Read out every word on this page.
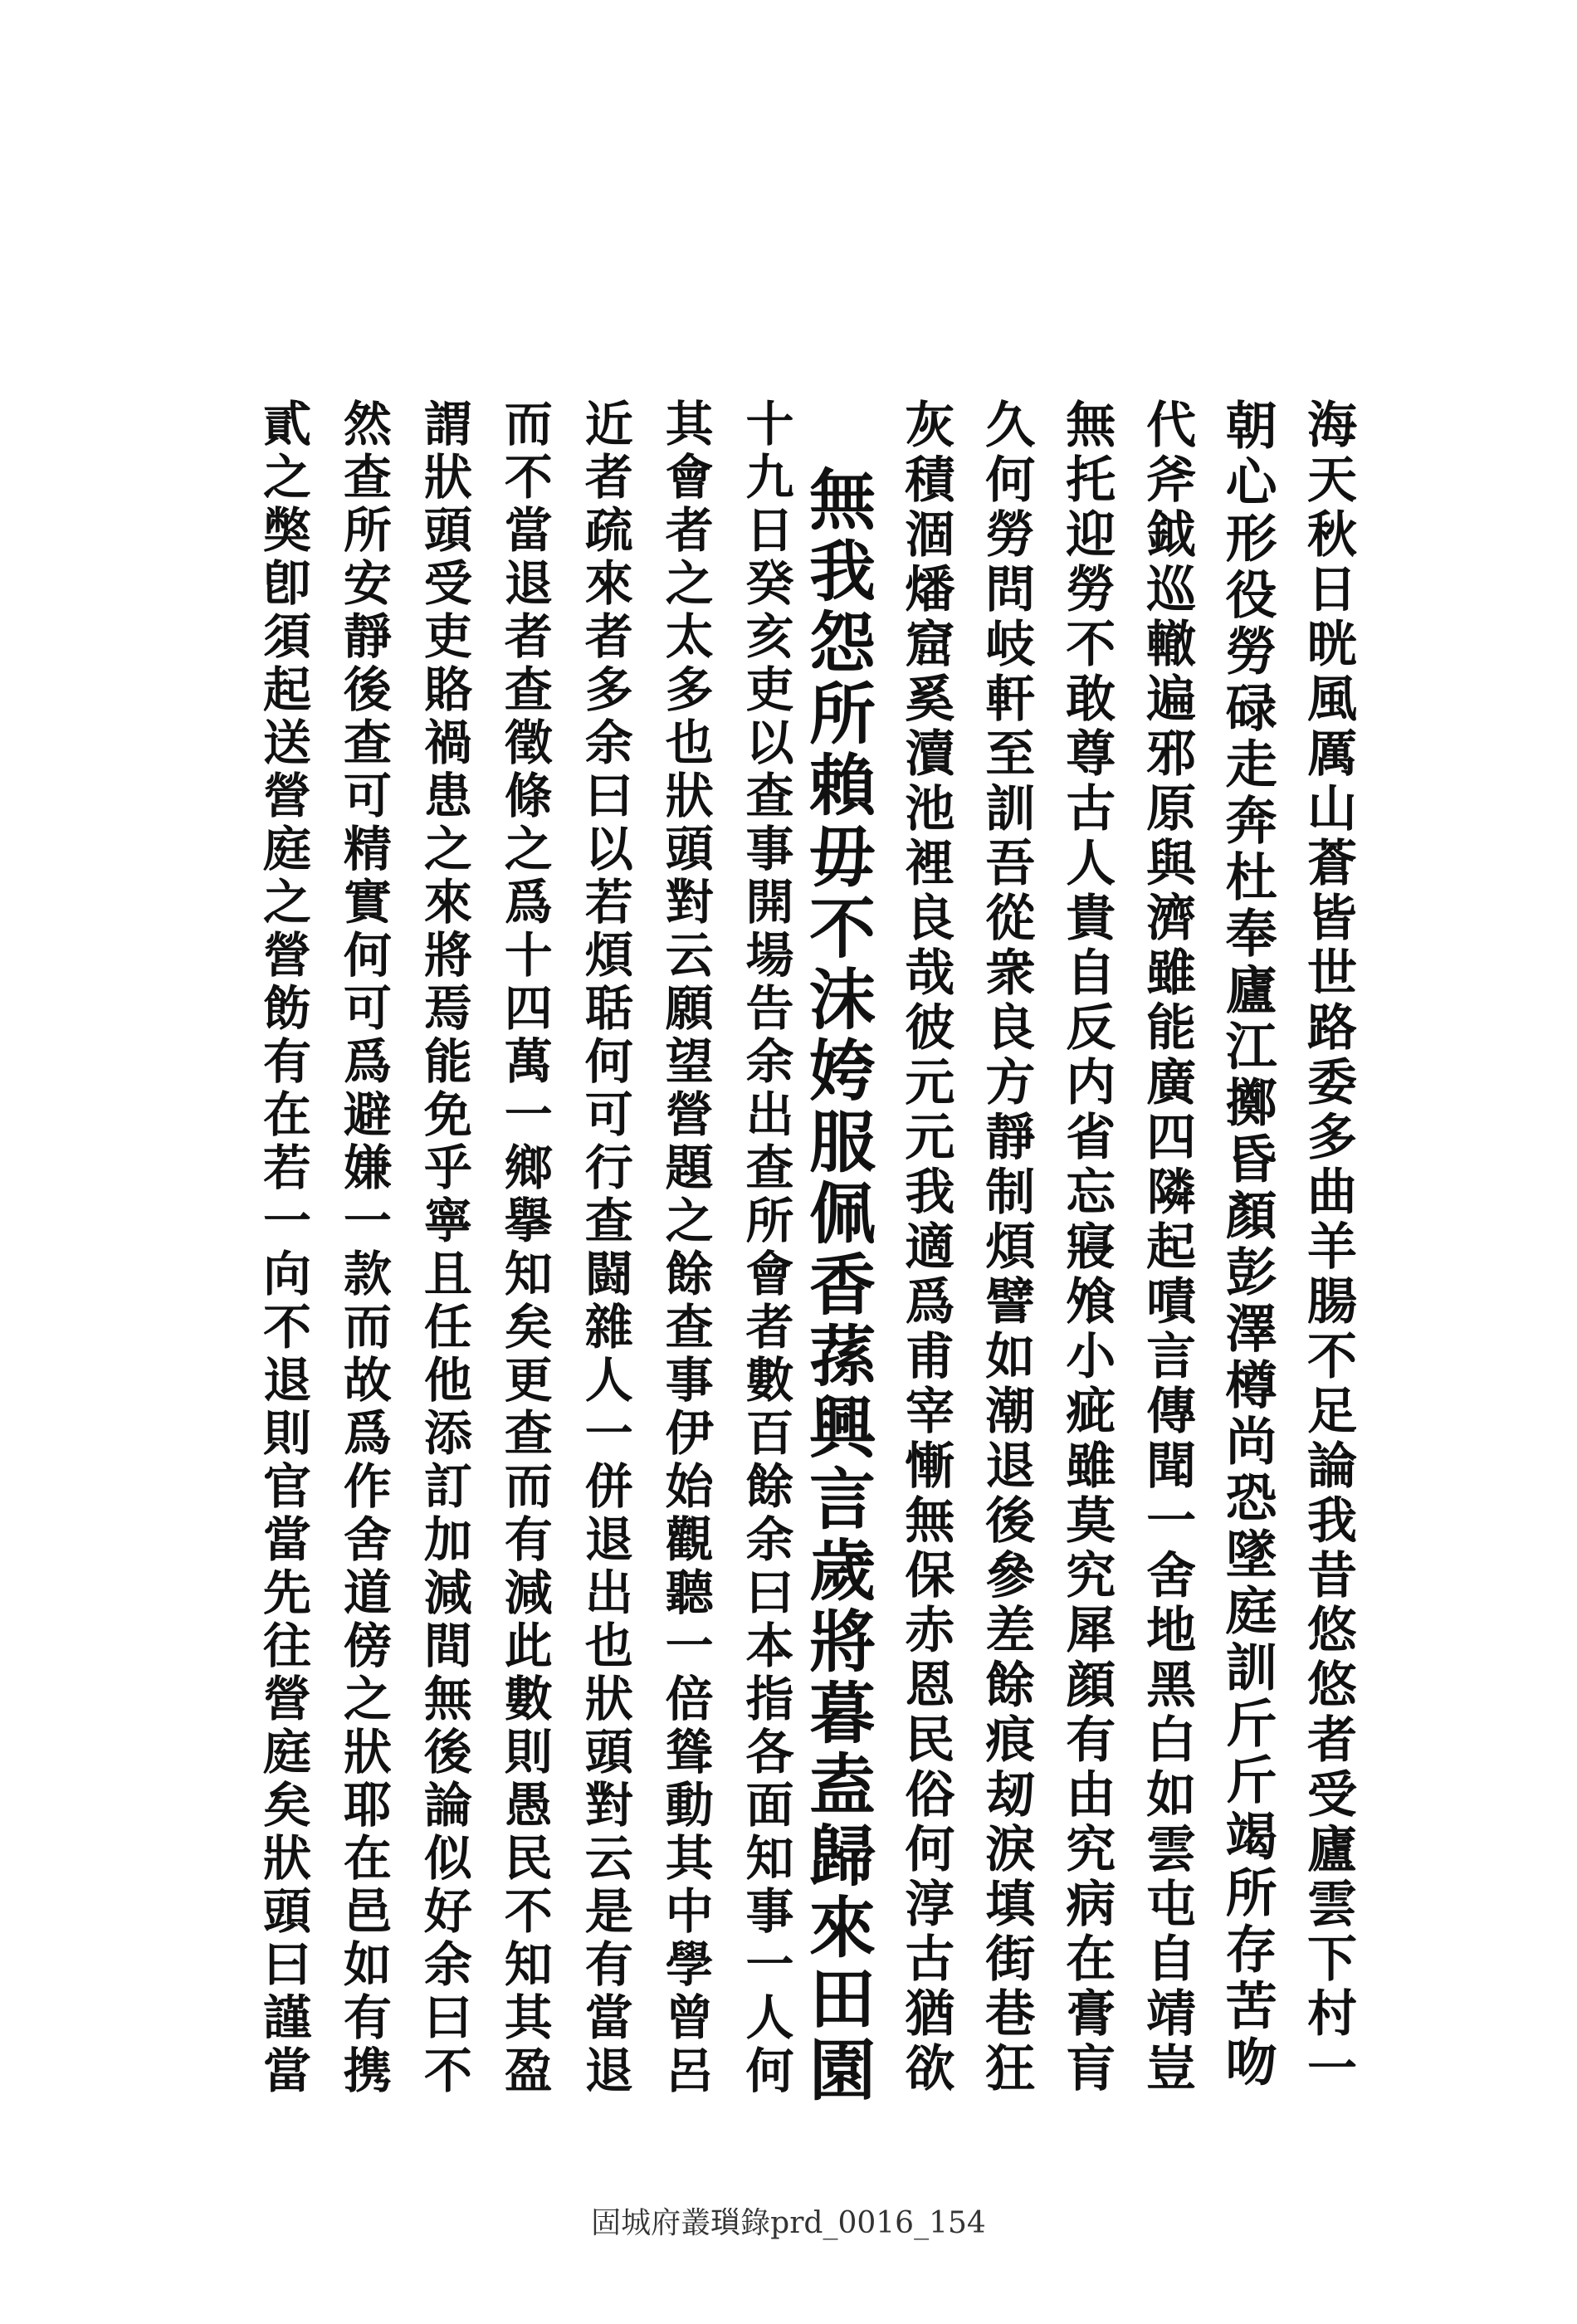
海天秋日晄風厲山蒼皆世路委多曲羊腸不足論我昔悠悠者受廬雲下村一
朝心形役勞碌走奔杜奉廬江擲昏顏彭澤樽尚恐墜庭訓斤斤竭所存苦吻
代斧鉞巡轍遍邪原與濟雖能廣四隣起嘖言傳聞一舍地黑白如雲屯自靖豈
無托迎勞不敢尊古人貴自反内省忘寢飧小疵雖莫究犀顔有由究病在膏肓
久何勞問岐軒至訓吾從衆良方靜制煩譬如潮退後參差餘痕刼淚填街巷狂
灰積涸燔窟奚瀆池裡良哉彼元元我適爲甫宰慚無保赤恩民俗何淳古猶欲
無我怨所賴毋不沫姱服佩香蓀興言歲將暮盍歸來田園
十九日癸亥吏以查事開場告余出查所會者數百餘余曰本指各面知事一人何
其會者之太多也狀頭對云願望營題之餘查事伊始觀聽一倍聳動其中學曾呂
近者疏來者多余曰以若煩聒何可行查闘雜人一併退出也狀頭對云是有當退
而不當退者查徵條之爲十四萬一鄉擧知矣更查而有減此數則愚民不知其盈
謂狀頭受吏賂禍患之來將焉能免乎寧且任他添訂加減間無後論似好余曰不
然查所安靜後查可精實何可爲避嫌一款而故爲作舍道傍之狀耶在邑如有携
貳之獘卽須起送營庭之營飭有在若一向不退則官當先往營庭矣狀頭曰謹當
固城府叢𤨏錄prd_0016_154
